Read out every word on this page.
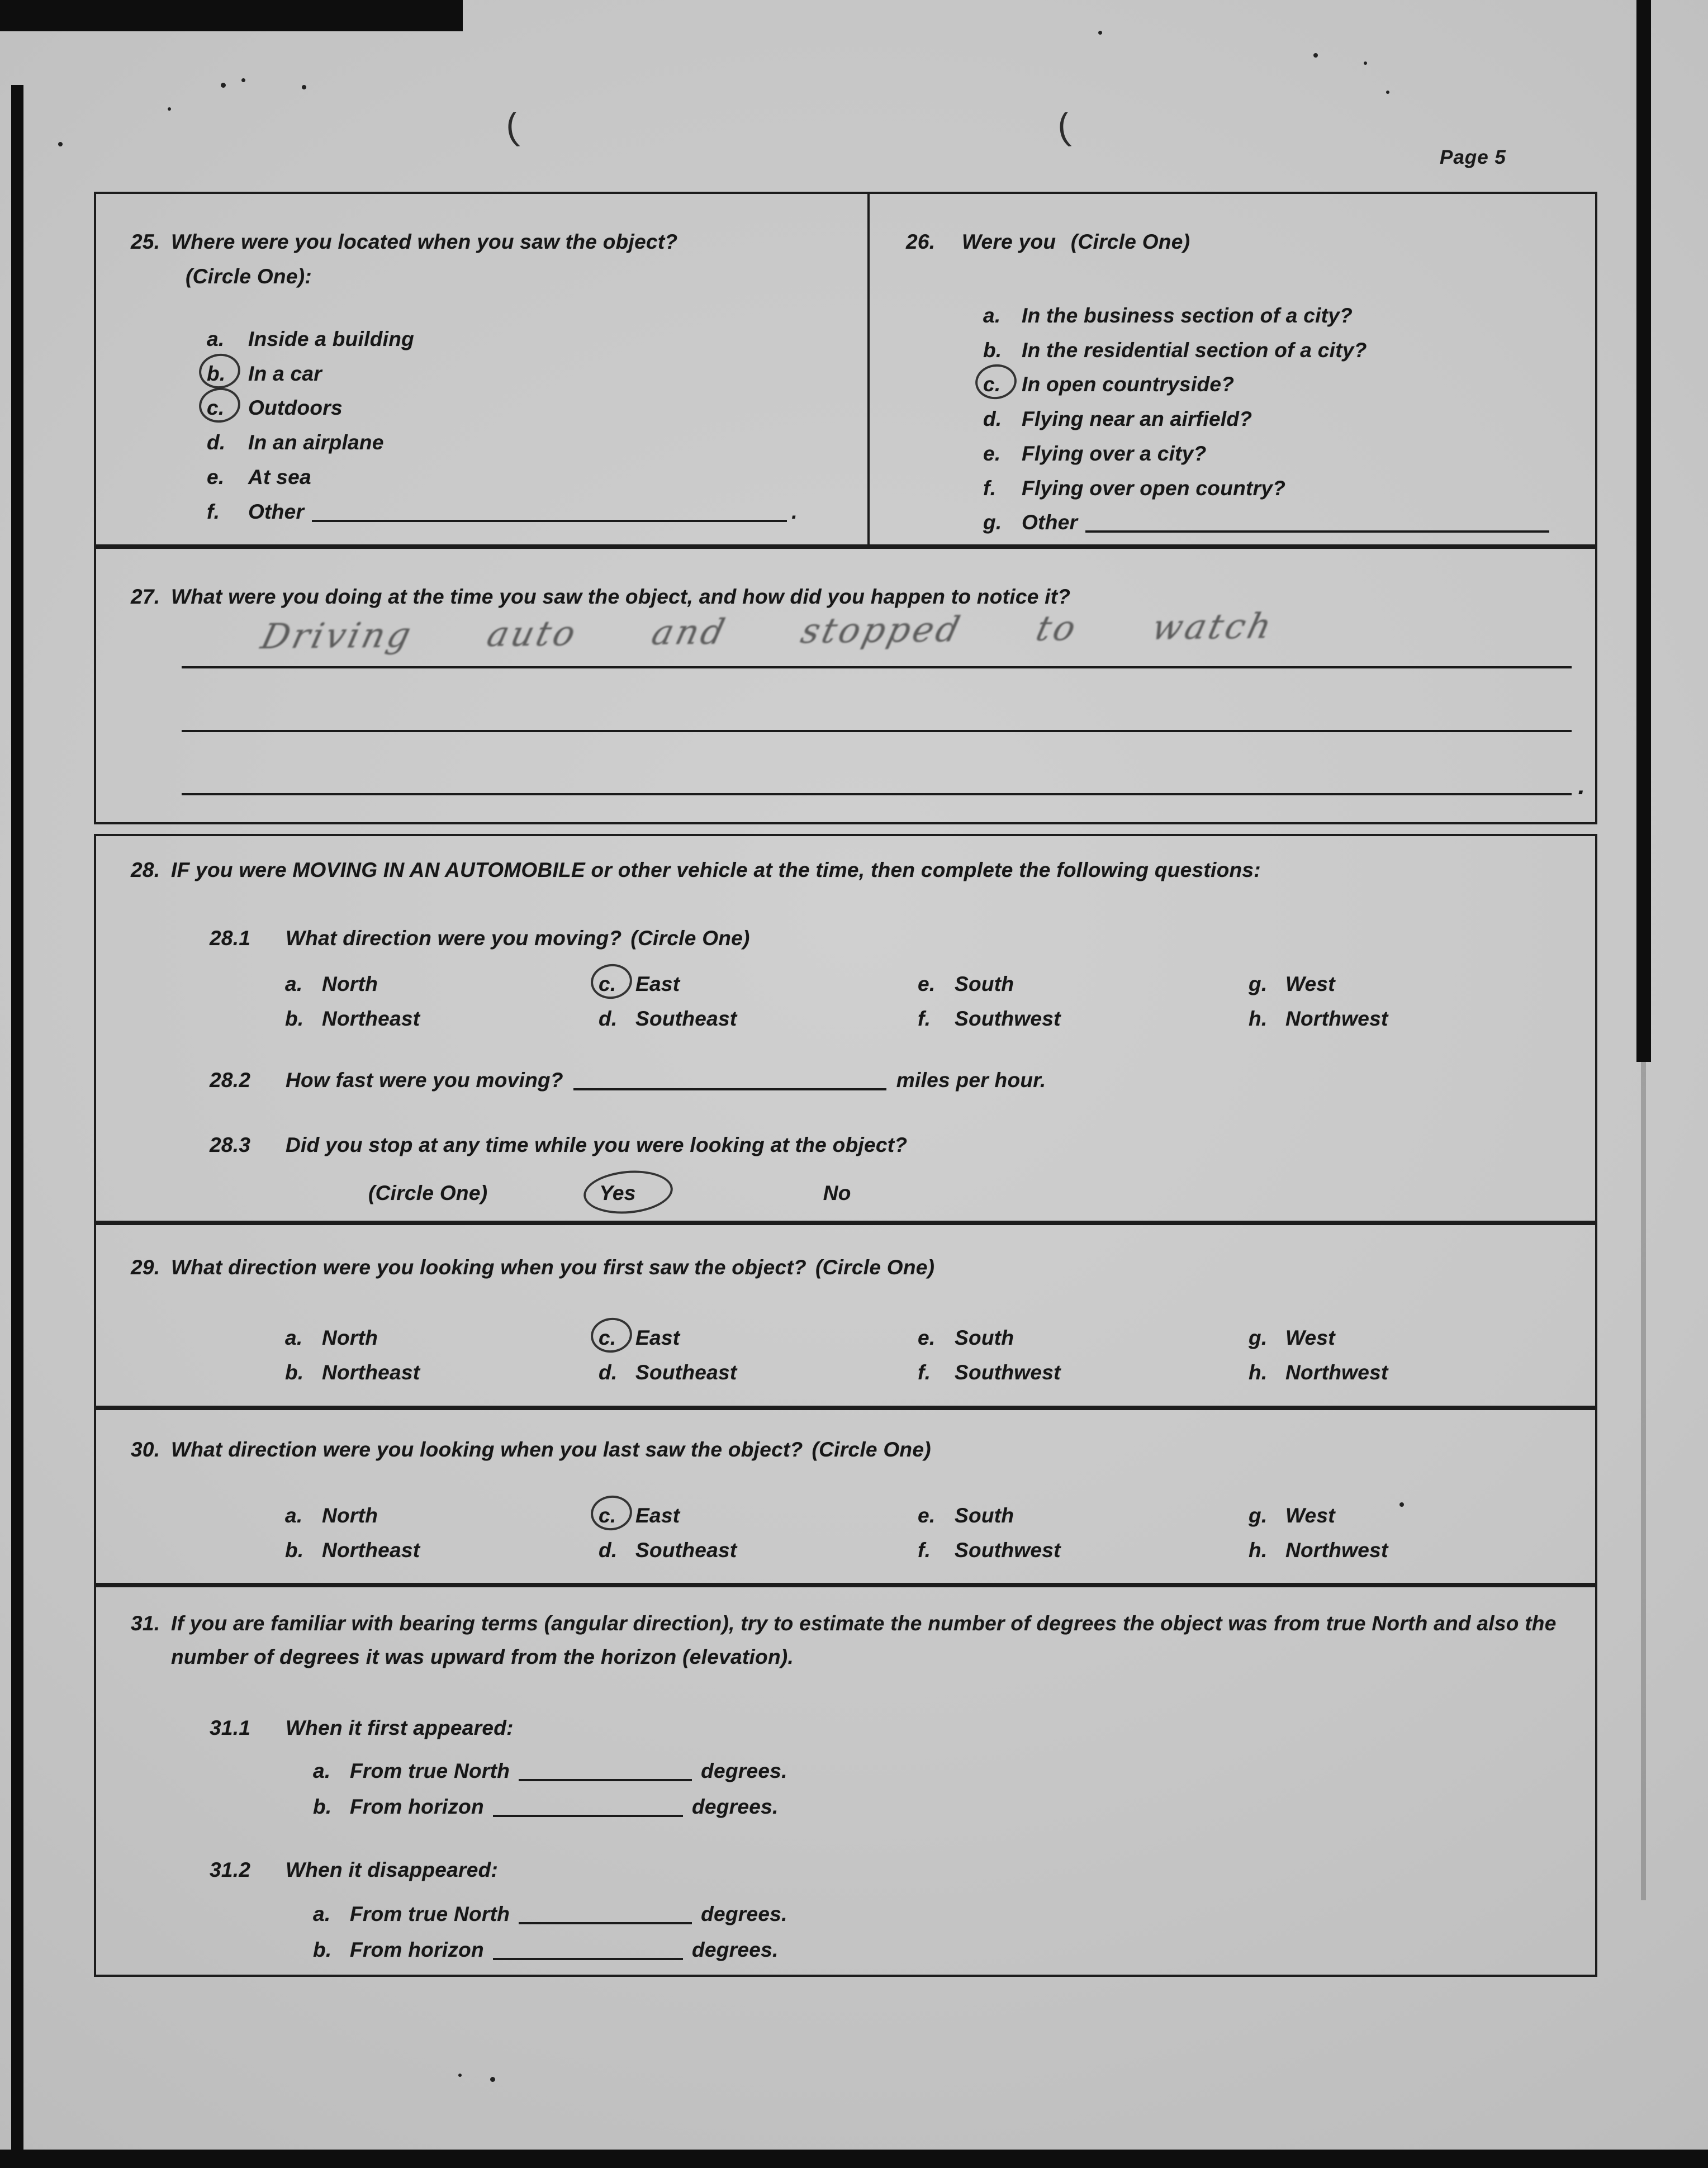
(	(
Page 5
25. Where were you located when you saw the object?
(Circle One):
a. Inside a building
b. In a car
c. Outdoors
d. In an airplane
e. At sea
f. Other	.
26.	Were you (Circle One)
a. In the business section of a city?
b. In the residential section of a city?
c. In open countryside?
d. Flying near an airfield?
e. Flying over a city?
f. Flying over open country?
g. Other
27. What were you doing at the time you saw the object, and how did you happen to notice it?
Driving auto and stopped to watch
.
28. IF you were MOVING IN AN AUTOMOBILE or other vehicle at the time, then complete the following questions:
28.1 What direction were you moving? (Circle One)
a. North	c. East	e. South	g. West
b. Northeast	d. Southeast	f. Southwest	h. Northwest
28.2 How fast were you moving?	miles per hour.
28.3 Did you stop at any time while you were looking at the object?
(Circle One)	Yes	No
29. What direction were you looking when you first saw the object? (Circle One)
a. North	c. East	e. South	g. West
b. Northeast	d. Southeast	f. Southwest	h. Northwest
30. What direction were you looking when you last saw the object? (Circle One)
a. North	c. East	e. South	g. West
b. Northeast	d. Southeast	f. Southwest	h. Northwest
31. If you are familiar with bearing terms (angular direction), try to estimate the number of degrees the object was from true North and also the number of degrees it was upward from the horizon (elevation).
31.1 When it first appeared:
a. From true North	degrees.
b. From horizon	degrees.
31.2 When it disappeared:
a. From true North	degrees.
b. From horizon	degrees.
